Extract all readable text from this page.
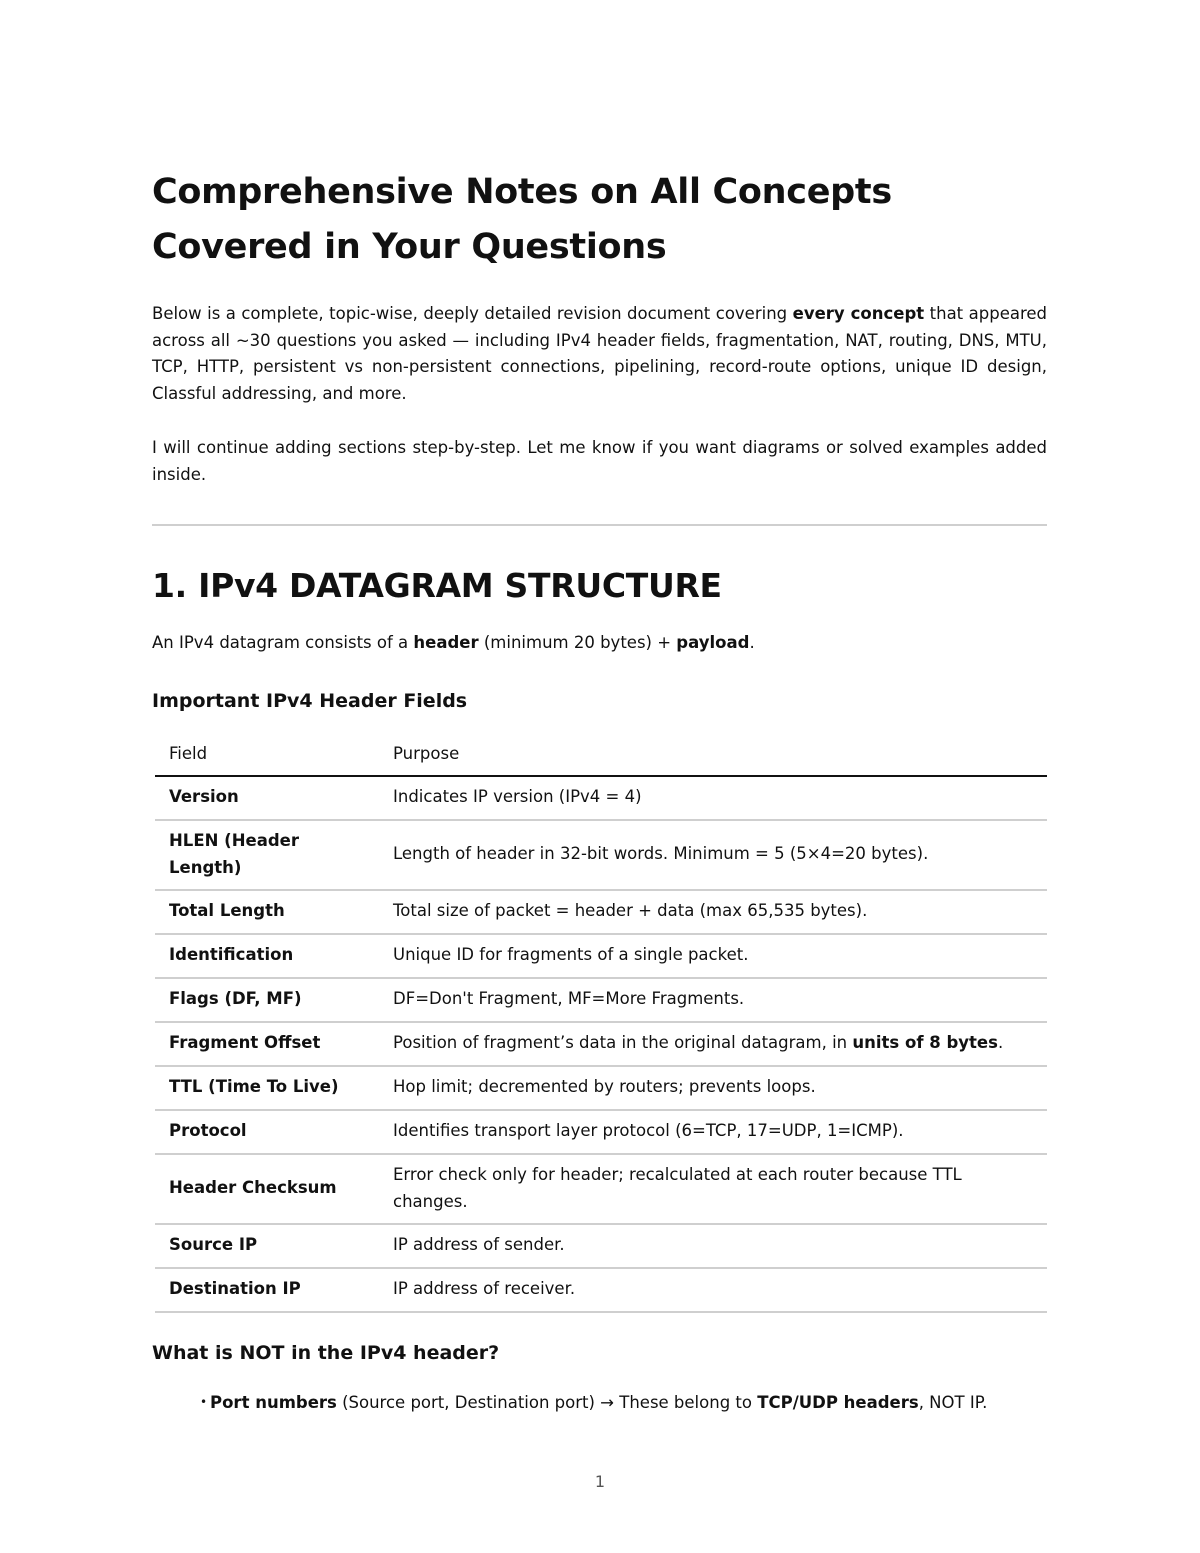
Comprehensive Notes on All Concepts Covered in Your Questions

Below is a complete, topic-wise, deeply detailed revision document covering every concept that appeared across all ~30 questions you asked — including IPv4 header fields, fragmentation, NAT, routing, DNS, MTU, TCP, HTTP, persistent vs non-persistent connections, pipelining, record-route options, unique ID design, Classful addressing, and more.

I will continue adding sections step-by-step. Let me know if you want diagrams or solved examples added inside.

1. IPv4 DATAGRAM STRUCTURE

An IPv4 datagram consists of a header (minimum 20 bytes) + payload.

Important IPv4 Header Fields
Field	Purpose
Version	Indicates IP version (IPv4 = 4)
HLEN (Header Length)	Length of header in 32-bit words. Minimum = 5 (5×4=20 bytes).
Total Length	Total size of packet = header + data (max 65,535 bytes).
Identification	Unique ID for fragments of a single packet.
Flags (DF, MF)	DF=Don't Fragment, MF=More Fragments.
Fragment Offset	Position of fragment’s data in the original datagram, in units of 8 bytes.
TTL (Time To Live)	Hop limit; decremented by routers; prevents loops.
Protocol	Identifies transport layer protocol (6=TCP, 17=UDP, 1=ICMP).
Header Checksum	Error check only for header; recalculated at each router because TTL changes.
Source IP	IP address of sender.
Destination IP	IP address of receiver.
What is NOT in the IPv4 header?
• Port numbers (Source port, Destination port) → These belong to TCP/UDP headers, NOT IP.
1
